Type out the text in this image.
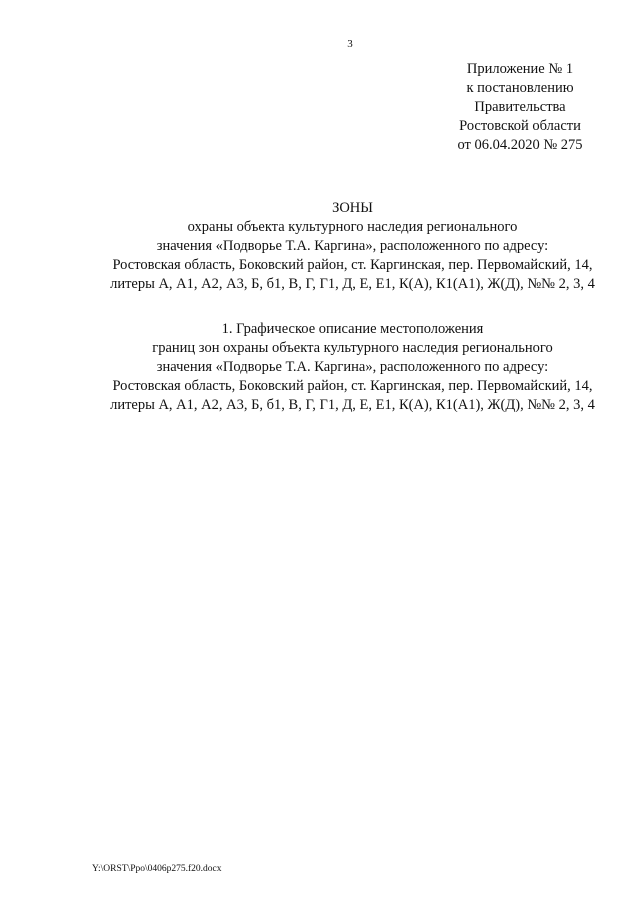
3
Приложение № 1
к постановлению
Правительства
Ростовской области
от 06.04.2020 № 275
ЗОНЫ
охраны объекта культурного наследия регионального
значения «Подворье Т.А. Каргина», расположенного по адресу:
Ростовская область, Боковский район, ст. Каргинская, пер. Первомайский, 14,
литеры А, А1, А2, А3, Б, б1, В, Г, Г1, Д, Е, Е1, К(А), К1(А1), Ж(Д), №№ 2, 3, 4
1. Графическое описание местоположения
границ зон охраны объекта культурного наследия регионального
значения «Подворье Т.А. Каргина», расположенного по адресу:
Ростовская область, Боковский район, ст. Каргинская, пер. Первомайский, 14,
литеры А, А1, А2, А3, Б, б1, В, Г, Г1, Д, Е, Е1, К(А), К1(А1), Ж(Д), №№ 2, 3, 4
Y:\ORST\Ppo\0406p275.f20.docx
